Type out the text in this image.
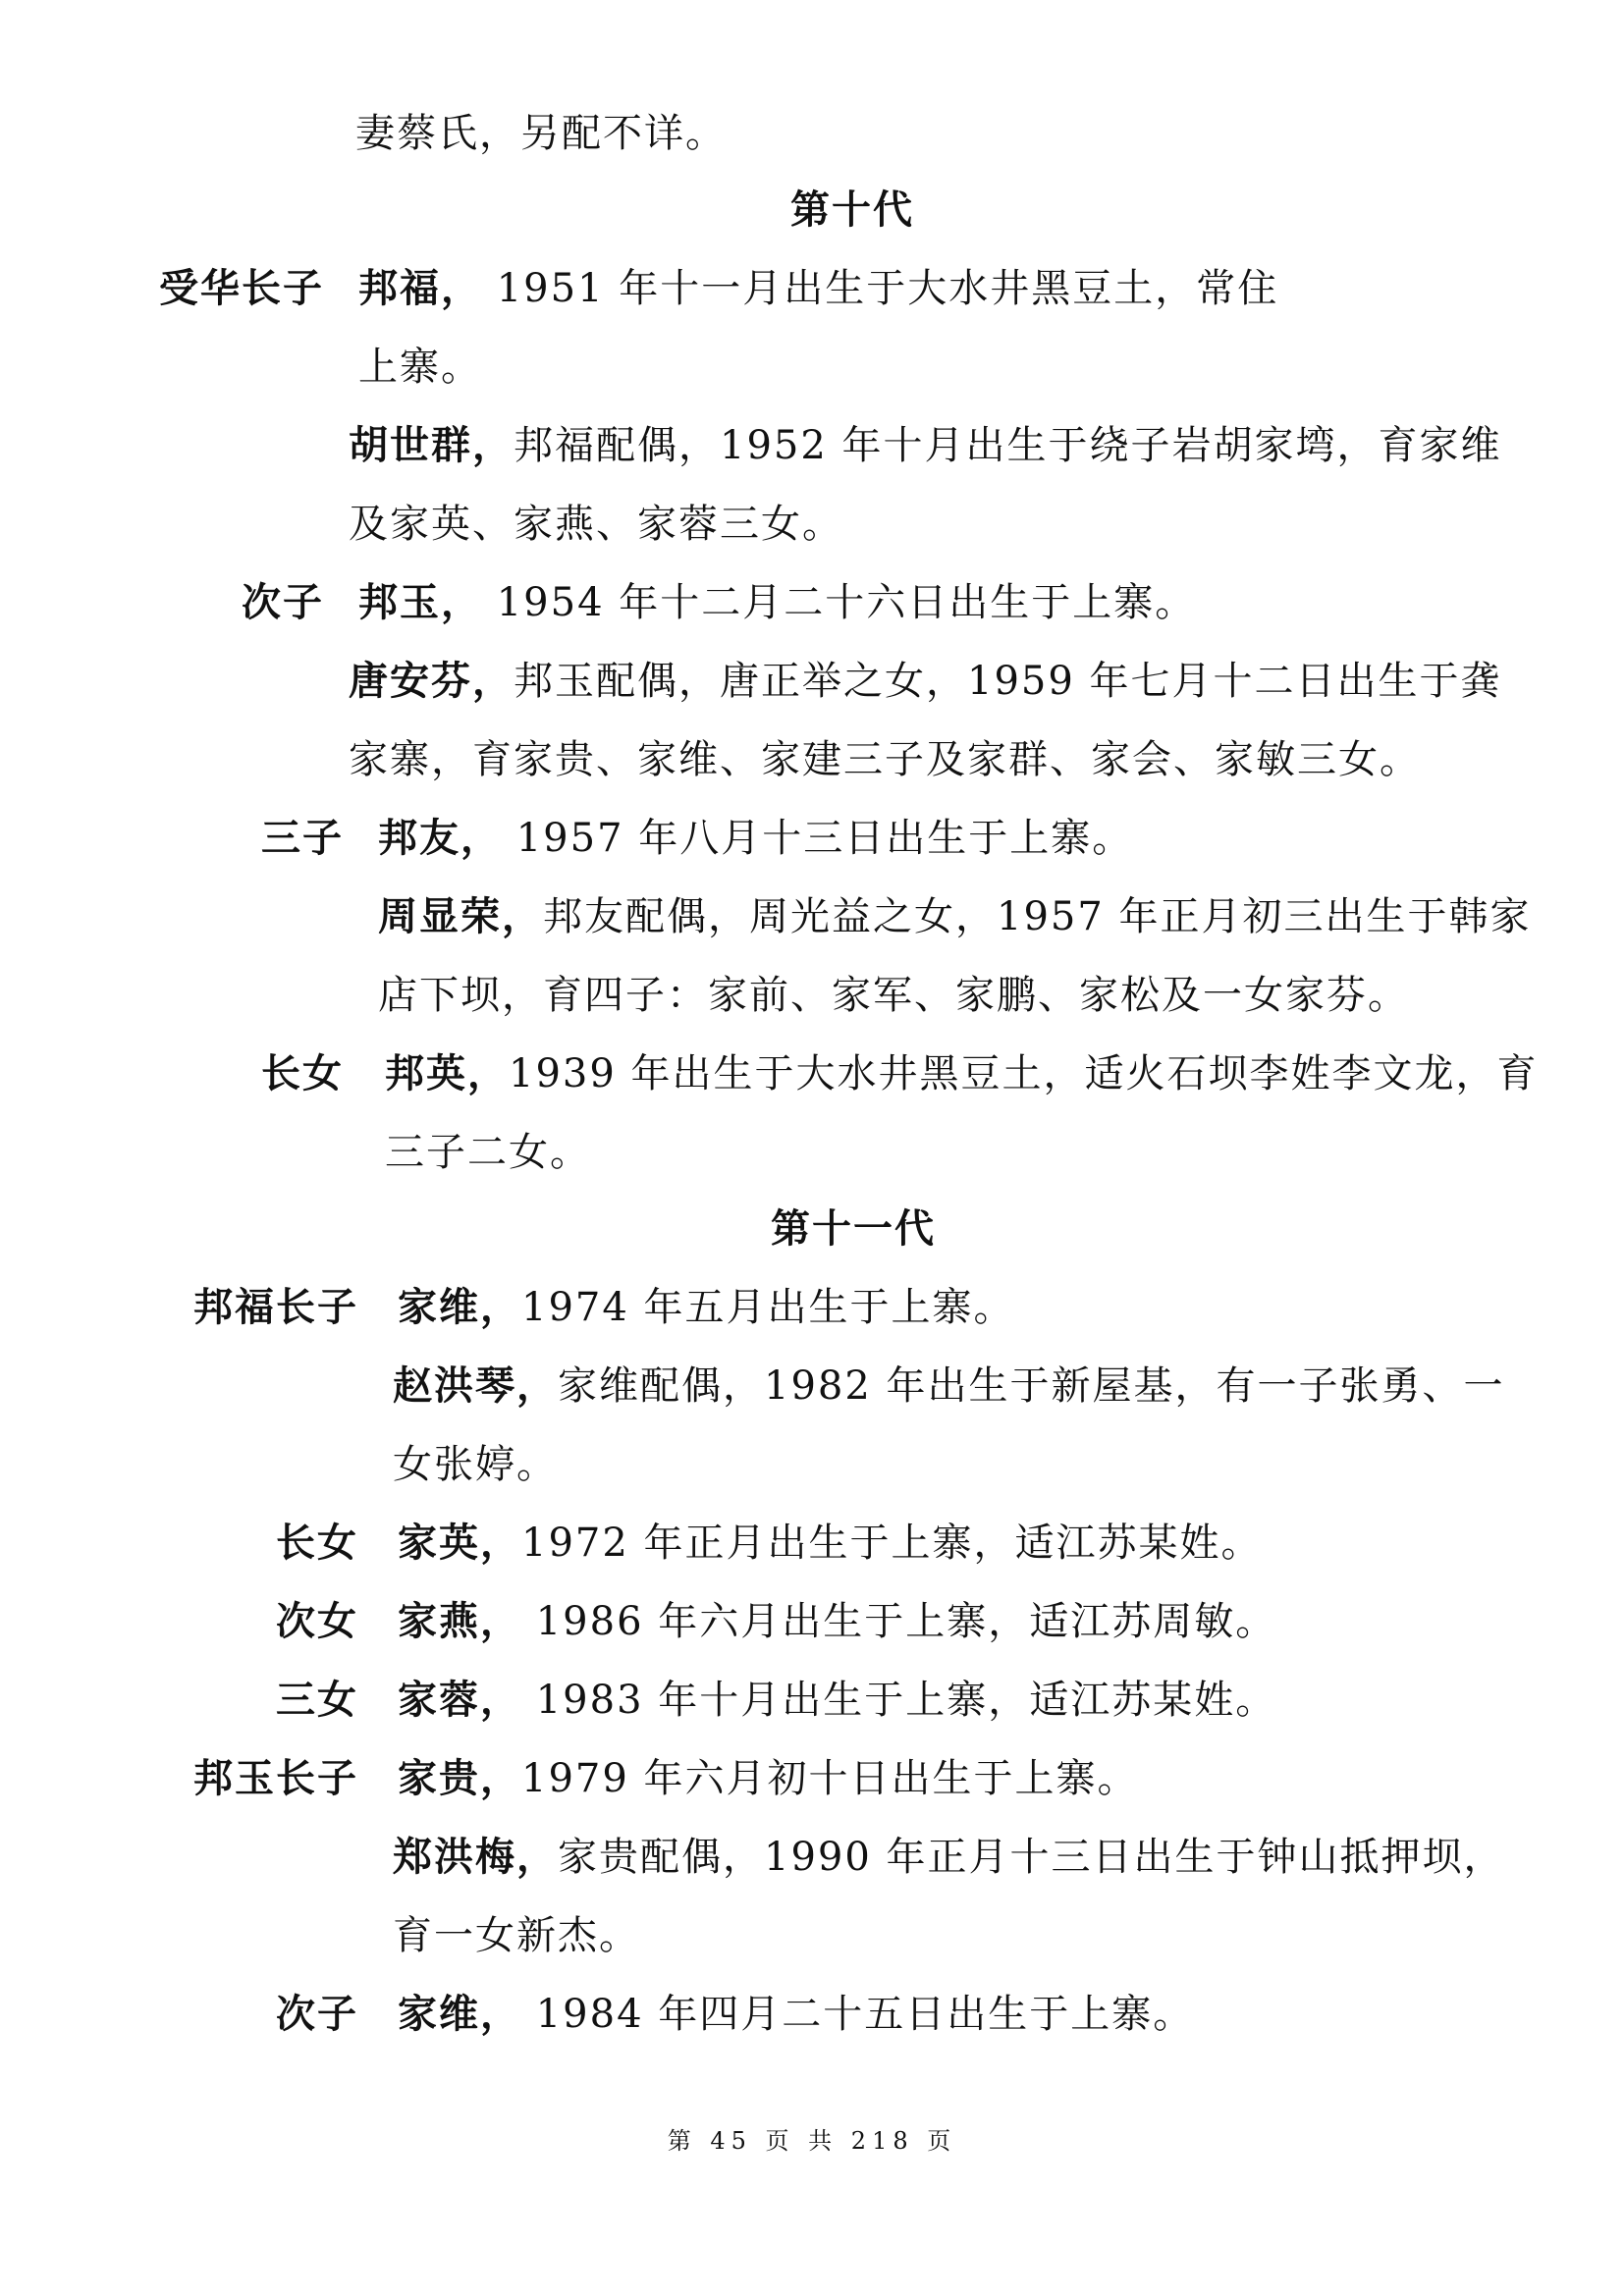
妻蔡氏，另配不详。
第十代
受华长子 邦福， 1951 年十一月出生于大水井黑豆土，常住
上寨。
胡世群，邦福配偶，1952 年十月出生于绕子岩胡家塆，育家维
及家英、家燕、家蓉三女。
次子 邦玉， 1954 年十二月二十六日出生于上寨。
唐安芬，邦玉配偶，唐正举之女，1959 年七月十二日出生于龚
家寨，育家贵、家维、家建三子及家群、家会、家敏三女。
三子 邦友， 1957 年八月十三日出生于上寨。
周显荣，邦友配偶，周光益之女，1957 年正月初三出生于韩家
店下坝，育四子：家前、家军、家鹏、家松及一女家芬。
长女 邦英，1939 年出生于大水井黑豆土，适火石坝李姓李文龙，育
三子二女。
第十一代
邦福长子 家维，1974 年五月出生于上寨。
赵洪琴，家维配偶，1982 年出生于新屋基，有一子张勇、一
女张婷。
长女 家英，1972 年正月出生于上寨，适江苏某姓。
次女 家燕， 1986 年六月出生于上寨，适江苏周敏。
三女 家蓉， 1983 年十月出生于上寨，适江苏某姓。
邦玉长子 家贵，1979 年六月初十日出生于上寨。
郑洪梅，家贵配偶，1990 年正月十三日出生于钟山抵押坝，
育一女新杰。
次子 家维， 1984 年四月二十五日出生于上寨。
第 45 页 共 218 页
